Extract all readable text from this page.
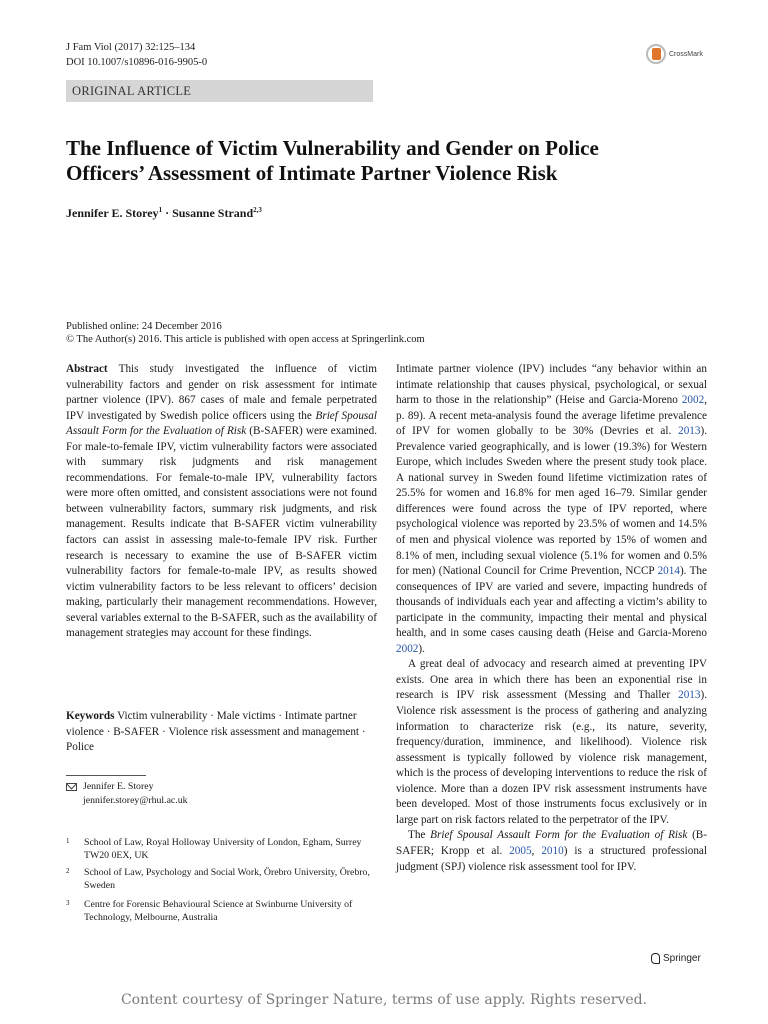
J Fam Viol (2017) 32:125–134
DOI 10.1007/s10896-016-9905-0
CrossMark
ORIGINAL ARTICLE
The Influence of Victim Vulnerability and Gender on Police
Officers’ Assessment of Intimate Partner Violence Risk
Jennifer E. Storey$^1$ · Susanne Strand$^{2,3}$
Published online: 24 December 2016
© The Author(s) 2016. This article is published with open access at Springerlink.com

Abstract This study investigated the influence of victim vulnerability factors and gender on risk assessment for intimate partner violence (IPV). 867 cases of male and female perpetrated IPV investigated by Swedish police officers using the Brief Spousal Assault Form for the Evaluation of Risk (B-SAFER) were examined. For male-to-female IPV, victim vulnerability factors were associated with summary risk judgments and risk management recommendations. For female-to-male IPV, vulnerability factors were more often omitted, and consistent associations were not found between vulnerability factors, summary risk judgments, and risk management. Results indicate that B-SAFER victim vulnerability factors can assist in assessing male-to-female IPV risk. Further research is necessary to examine the use of B-SAFER victim vulnerability factors for female-to-male IPV, as results showed victim vulnerability factors to be less relevant to officers’ decision making, particularly their management recommendations. However, several variables external to the B-SAFER, such as the availability of management strategies may account for these findings.

Keywords Victim vulnerability · Male victims · Intimate partner violence · B-SAFER · Violence risk assessment and management · Police
Jennifer E. Storey
jennifer.storey@rhul.ac.uk
1	School of Law, Royal Holloway University of London, Egham, Surrey TW20 0EX, UK
2	School of Law, Psychology and Social Work, Örebro University, Örebro, Sweden
3	Centre for Forensic Behavioural Science at Swinburne University of Technology, Melbourne, Australia

Intimate partner violence (IPV) includes “any behavior within an intimate relationship that causes physical, psychological, or sexual harm to those in the relationship” (Heise and Garcia-Moreno 2002, p. 89). A recent meta-analysis found the average lifetime prevalence of IPV for women globally to be 30% (Devries et al. 2013). Prevalence varied geographically, and is lower (19.3%) for Western Europe, which includes Sweden where the present study took place. A national survey in Sweden found lifetime victimization rates of 25.5% for women and 16.8% for men aged 16–79. Similar gender differences were found across the type of IPV reported, where psychological violence was reported by 23.5% of women and 14.5% of men and physical violence was reported by 15% of women and 8.1% of men, including sexual violence (5.1% for women and 0.5% for men) (National Council for Crime Prevention, NCCP 2014). The consequences of IPV are varied and severe, impacting hundreds of thousands of individuals each year and affecting a victim’s ability to participate in the community, impacting their mental and physical health, and in some cases causing death (Heise and Garcia-Moreno 2002).

A great deal of advocacy and research aimed at preventing IPV exists. One area in which there has been an exponential rise in research is IPV risk assessment (Messing and Thaller 2013). Violence risk assessment is the process of gathering and analyzing information to characterize risk (e.g., its nature, severity, frequency/duration, imminence, and likelihood). Violence risk assessment is typically followed by violence risk management, which is the process of developing interventions to reduce the risk of violence. More than a dozen IPV risk assessment instruments have been developed. Most of those instruments focus exclusively or in large part on risk factors related to the perpetrator of the IPV.

The Brief Spousal Assault Form for the Evaluation of Risk (B-SAFER; Kropp et al. 2005, 2010) is a structured professional judgment (SPJ) violence risk assessment tool for IPV.

Springer
Content courtesy of Springer Nature, terms of use apply. Rights reserved.
